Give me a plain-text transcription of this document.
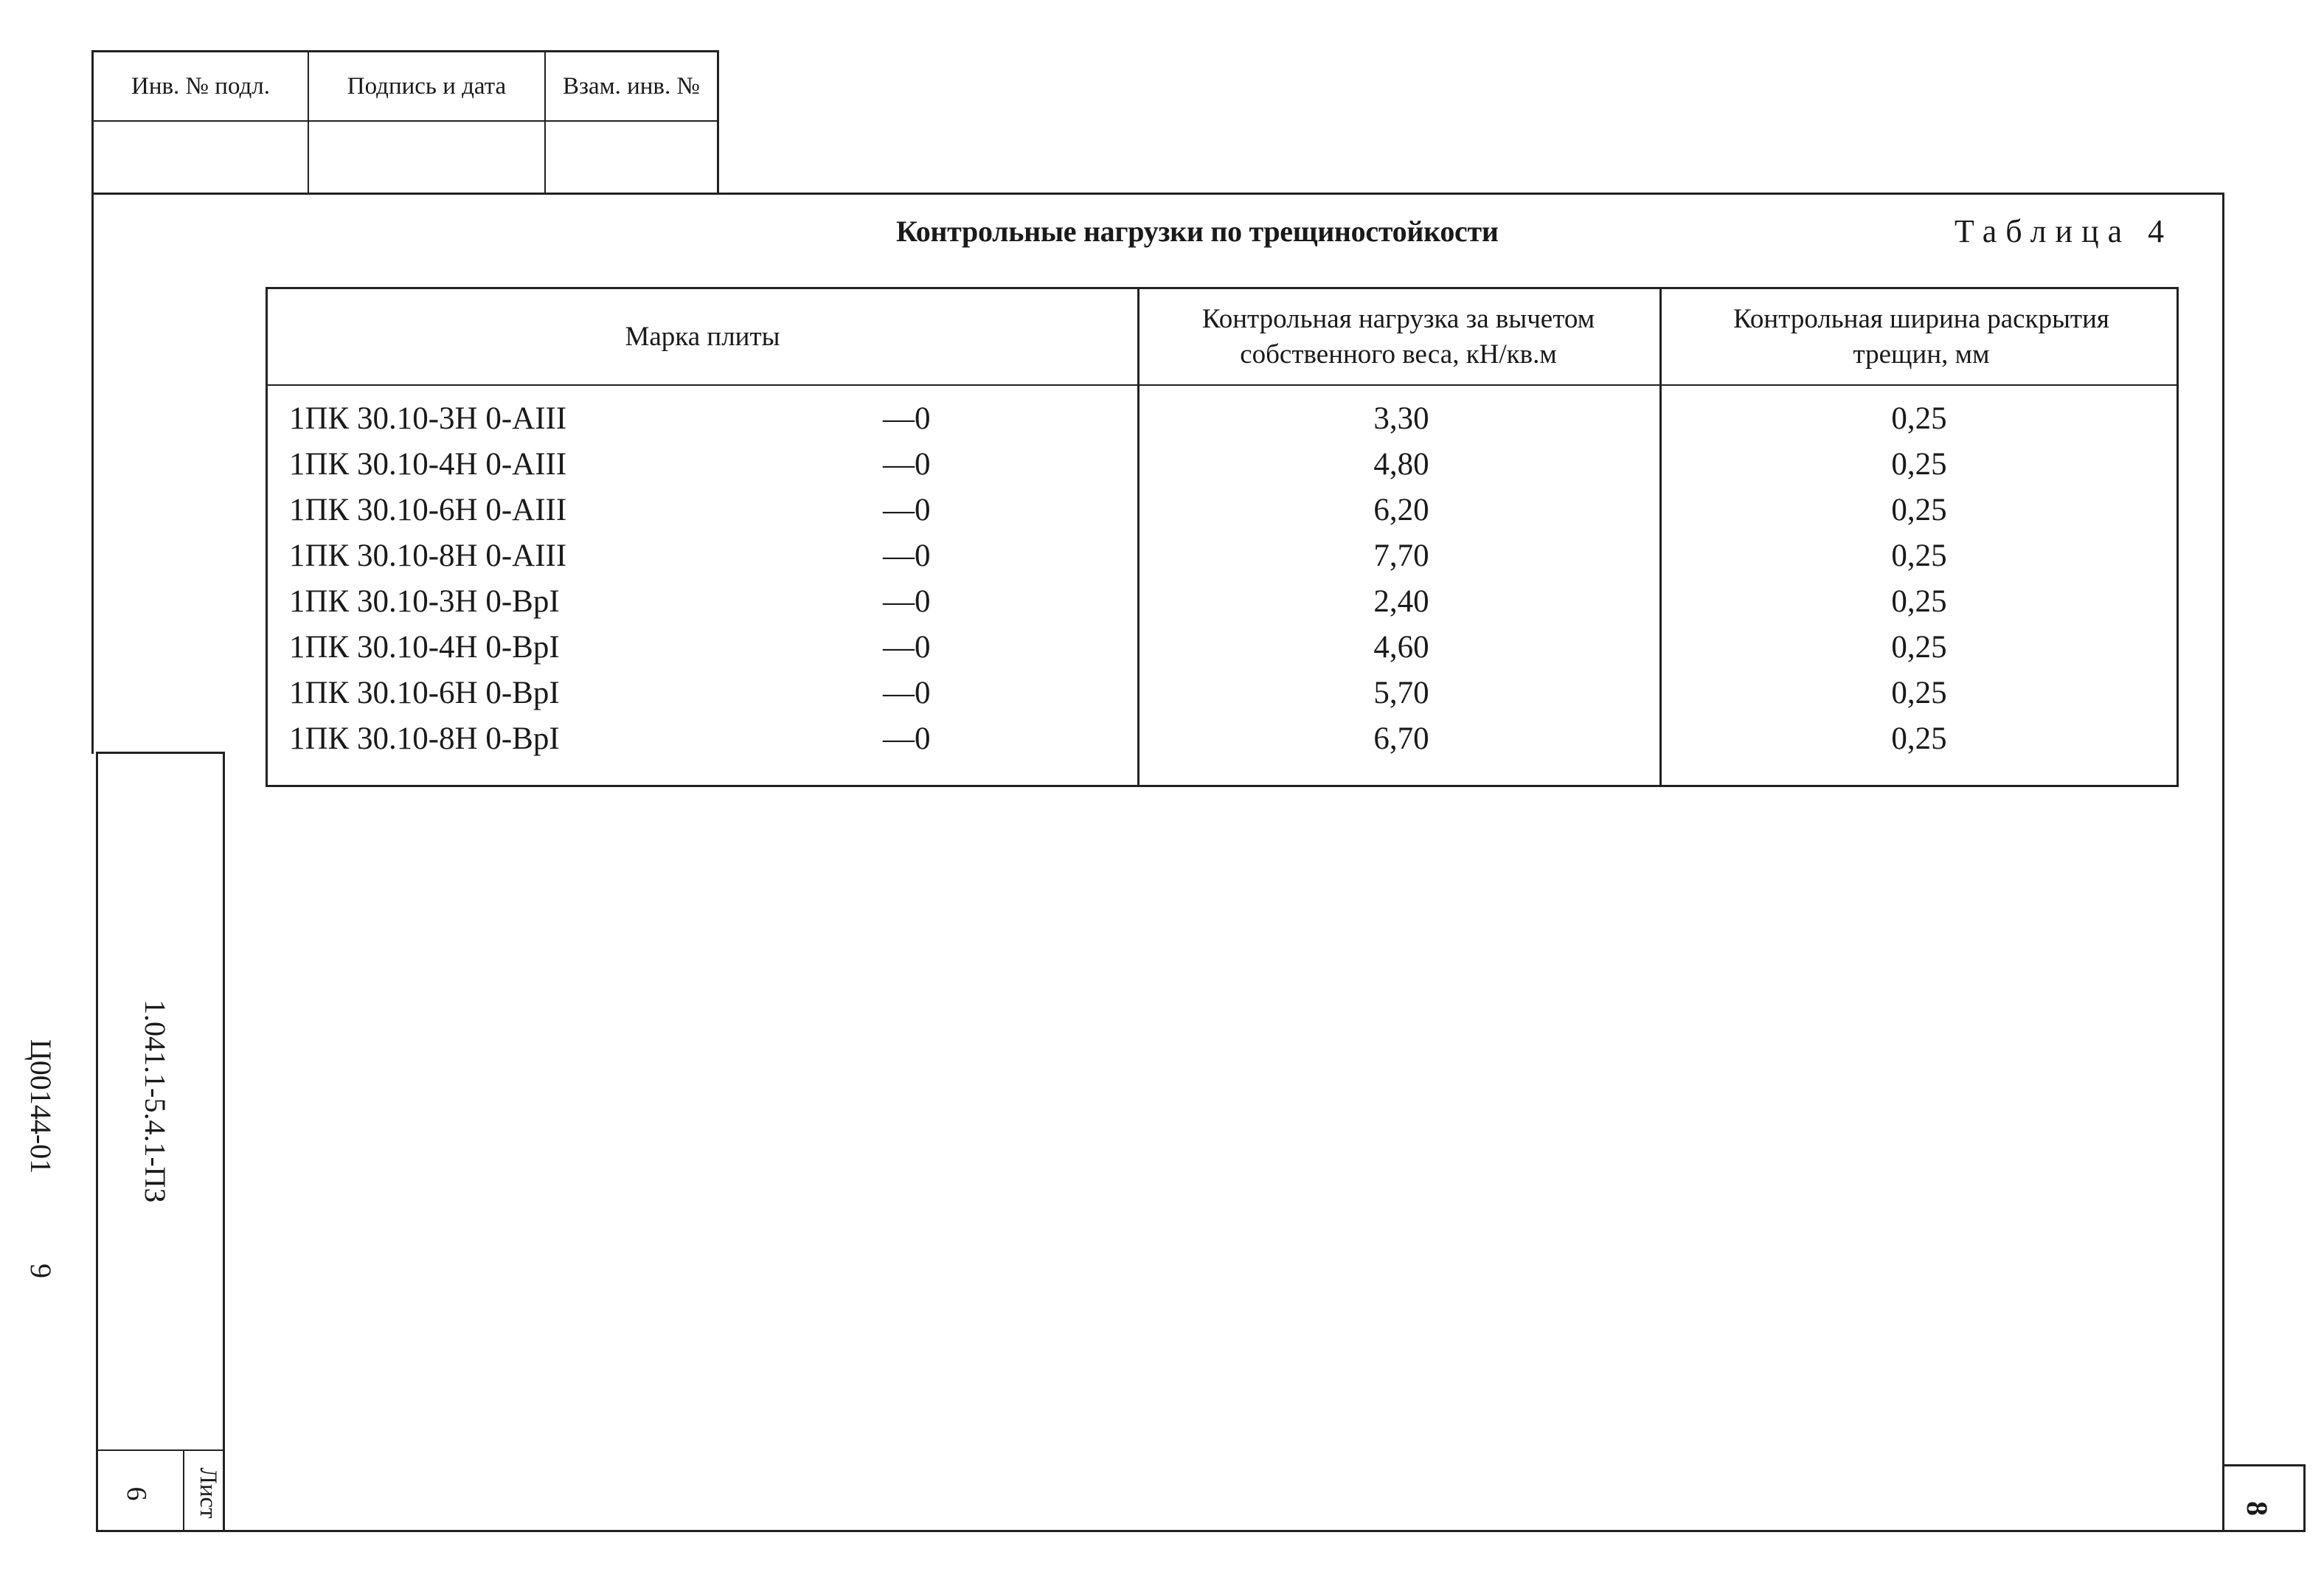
Инв. № подл.	Подпись и дата	Взам. инв. №
1.041.1-5.4.1-ПЗ
Лист
6
Ц00144-01
9
8
Контрольные нагрузки по трещиностойкости	Таблица 4
Марка плиты
Контрольная нагрузка за вычетом собственного веса, кН/кв.м
Контрольная ширина раскрытия трещин, мм
1ПК 30.10-3Н 0-АIII	—0	3,30	0,25
1ПК 30.10-4Н 0-АIII	—0	4,80	0,25
1ПК 30.10-6Н 0-АIII	—0	6,20	0,25
1ПК 30.10-8Н 0-АIII	—0	7,70	0,25
1ПК 30.10-3Н 0-ВрI	—0	2,40	0,25
1ПК 30.10-4Н 0-ВрI	—0	4,60	0,25
1ПК 30.10-6Н 0-ВрI	—0	5,70	0,25
1ПК 30.10-8Н 0-ВрI	—0	6,70	0,25
